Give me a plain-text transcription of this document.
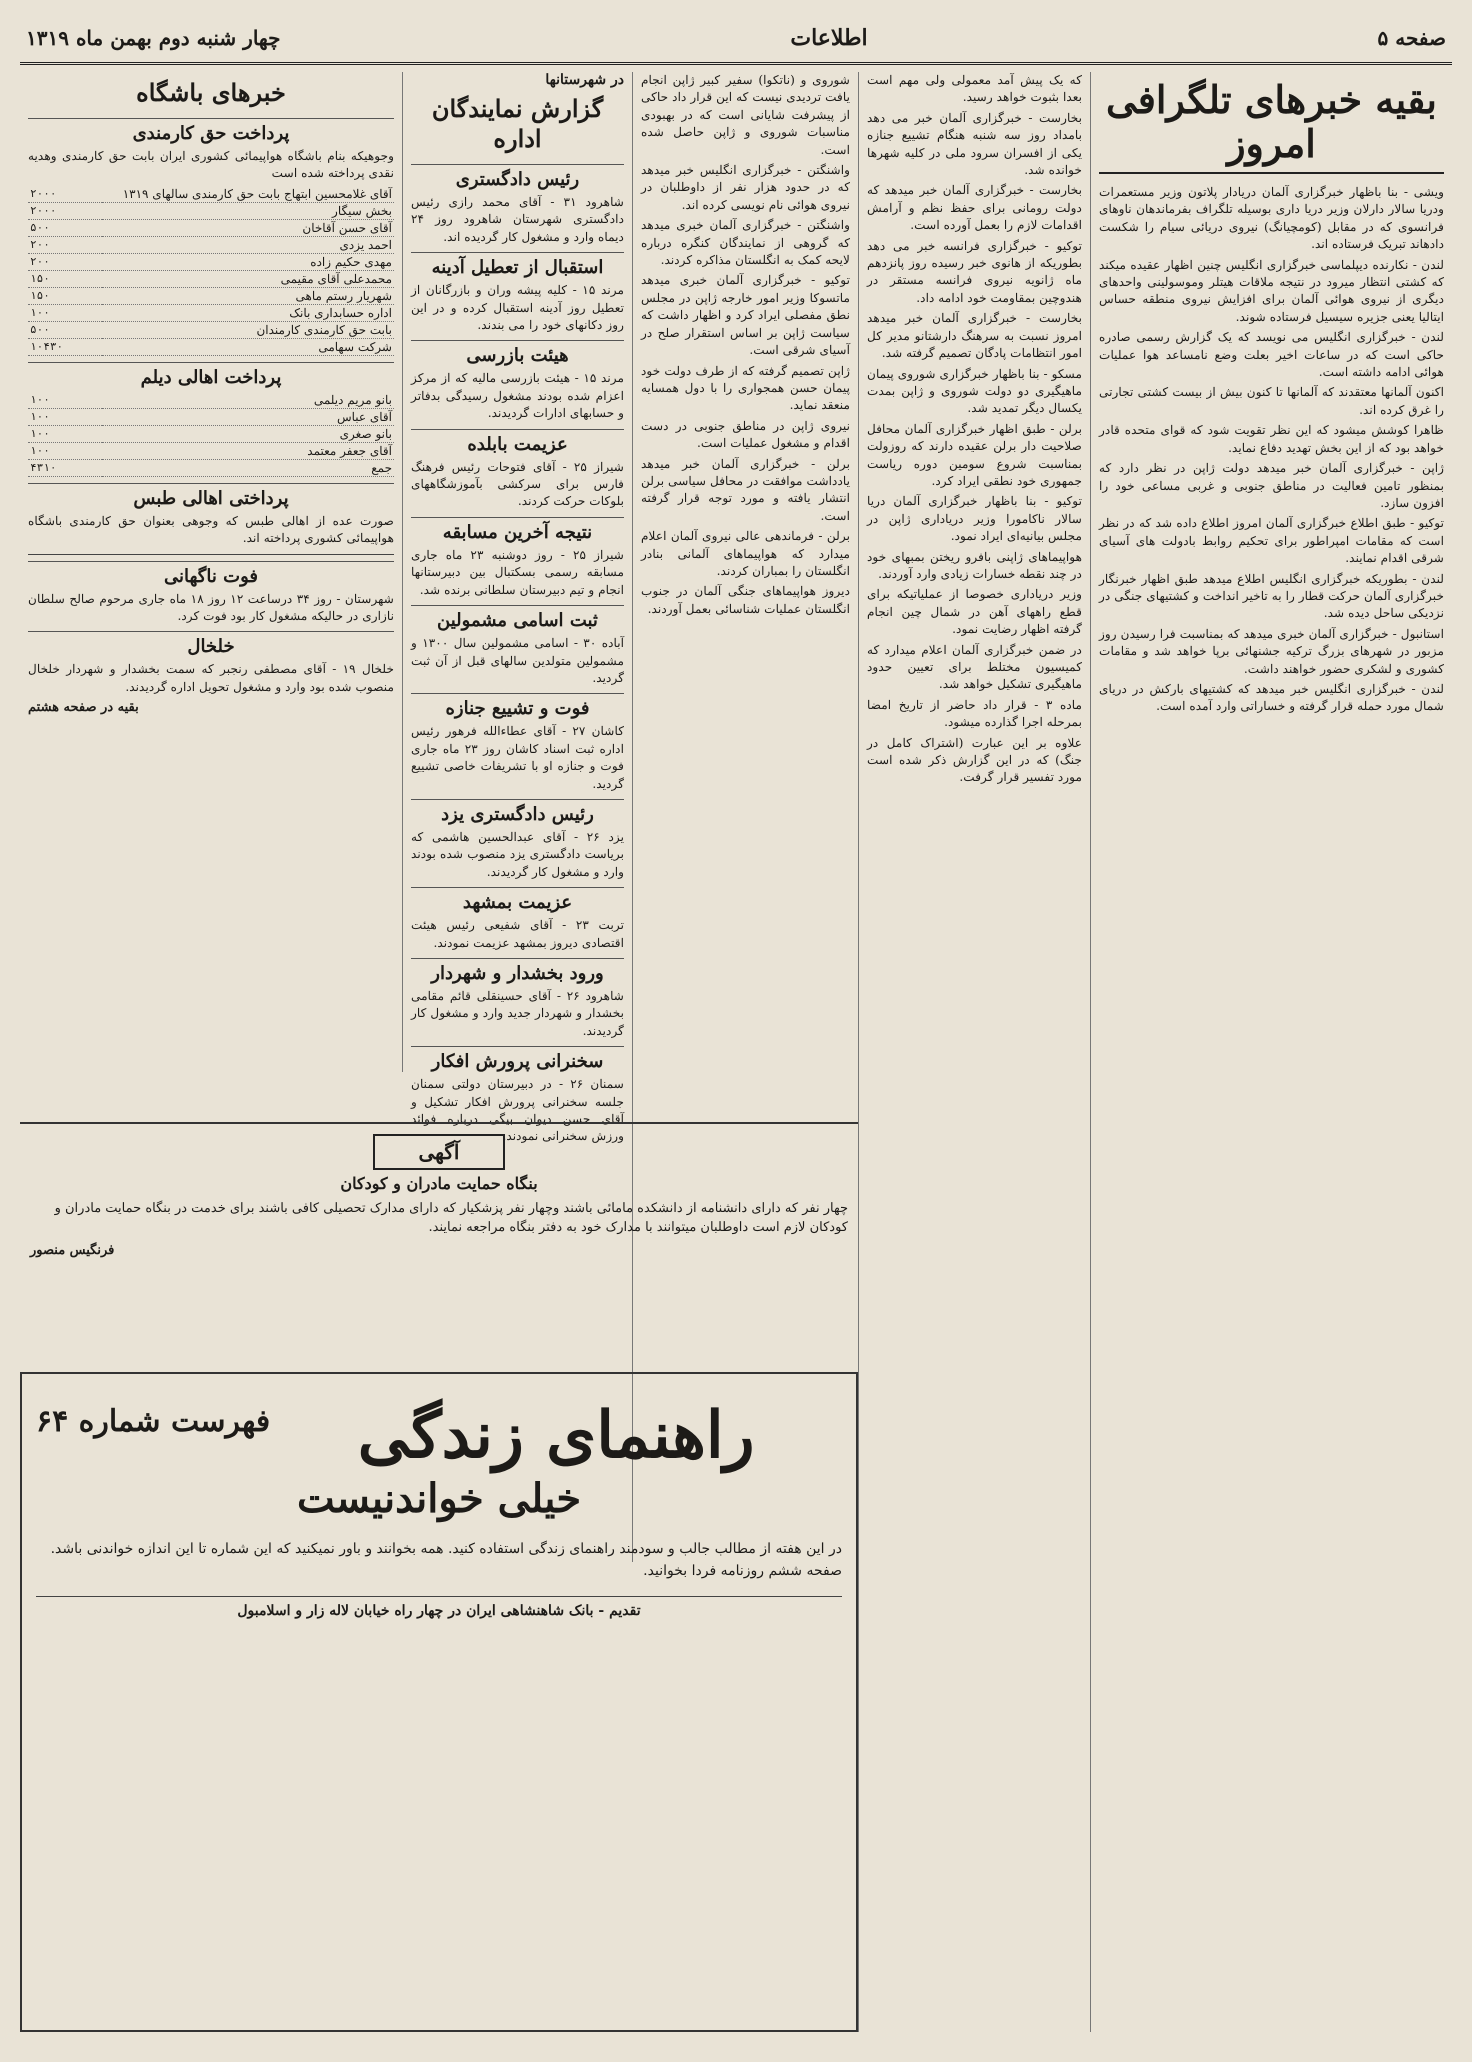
صفحه ۵
اطلاعات
چهار شنبه دوم بهمن ماه ۱۳۱۹
بقیه خبرهای تلگرافی امروز

ویشی - بنا باظهار خبرگزاری آلمان دریادار پلاتون وزیر مستعمرات ودریا سالار دارلان وزیر دریا داری بوسیله تلگراف بفرماندهان ناوهای فرانسوی که در مقابل (کومچیانگ) نیروی دریائی سیام را شکست دادهاند تبریک فرستاده اند.

لندن - نکارنده دیپلماسی خبرگزاری انگلیس چنین اظهار عقیده میکند که کشتی انتظار میرود در نتیجه ملاقات هیتلر وموسولینی واحدهای دیگری از نیروی هوائی آلمان برای افزایش نیروی منطقه حساس ایتالیا یعنی جزیره سیسیل فرستاده شوند.

لندن - خبرگزاری انگلیس می نویسد که یک گزارش رسمی صادره حاکی است که در ساعات اخیر بعلت وضع نامساعد هوا عملیات هوائی ادامه داشته است.

اکنون آلمانها معتقدند که آلمانها تا کنون بیش از بیست کشتی تجارتی را غرق کرده اند.

ظاهرا کوشش میشود که این نظر تقویت شود که قوای متحده قادر خواهد بود که از این بخش تهدید دفاع نماید.

ژاپن - خبرگزاری آلمان خبر میدهد دولت ژاپن در نظر دارد که بمنظور تامین فعالیت در مناطق جنوبی و غربی مساعی خود را افزون سازد.

توکیو - طبق اطلاع خبرگزاری آلمان امروز اطلاع داده شد که در نظر است که مقامات امپراطور برای تحکیم روابط بادولت های آسیای شرقی اقدام نمایند.

لندن - بطوریکه خبرگزاری انگلیس اطلاع میدهد طبق اظهار خبرنگار خبرگزاری آلمان حرکت قطار را به تاخیر انداخت و کشتیهای جنگی در نزدیکی ساحل دیده شد.

استانبول - خبرگزاری آلمان خبری میدهد که بمناسبت فرا رسیدن روز مزبور در شهرهای بزرگ ترکیه جشنهائی برپا خواهد شد و مقامات کشوری و لشکری حضور خواهند داشت.

لندن - خبرگزاری انگلیس خبر میدهد که کشتیهای بارکش در دریای شمال مورد حمله قرار گرفته و خساراتی وارد آمده است.

که یک پیش آمد معمولی ولی مهم است بعدا بثبوت خواهد رسید.

بخارست - خبرگزاری آلمان خبر می دهد بامداد روز سه شنبه هنگام تشییع جنازه یکی از افسران سرود ملی در کلیه شهرها خوانده شد.

بخارست - خبرگزاری آلمان خبر میدهد که دولت رومانی برای حفظ نظم و آرامش اقدامات لازم را بعمل آورده است.

توکیو - خبرگزاری فرانسه خبر می دهد بطوریکه از هانوی خبر رسیده روز پانزدهم ماه ژانویه نیروی فرانسه مستقر در هندوچین بمقاومت خود ادامه داد.

بخارست - خبرگزاری آلمان خبر میدهد امروز نسبت به سرهنگ دارشتانو مدیر کل امور انتظامات پادگان تصمیم گرفته شد.

مسکو - بنا باظهار خبرگزاری شوروی پیمان ماهیگیری دو دولت شوروی و ژاپن بمدت یکسال دیگر تمدید شد.

برلن - طبق اظهار خبرگزاری آلمان محافل صلاحیت دار برلن عقیده دارند که روزولت بمناسبت شروع سومین دوره ریاست جمهوری خود نطقی ایراد کرد.

توکیو - بنا باظهار خبرگزاری آلمان دریا سالار ناکامورا وزیر دریاداری ژاپن در مجلس بیانیه‌ای ایراد نمود.

هواپیماهای ژاپنی بافرو ریختن بمبهای خود در چند نقطه خسارات زیادی وارد آوردند.

وزیر دریاداری خصوصا از عملیاتیکه برای قطع راههای آهن در شمال چین انجام گرفته اظهار رضایت نمود.

در ضمن خبرگزاری آلمان اعلام میدارد که کمیسیون مختلط برای تعیین حدود ماهیگیری تشکیل خواهد شد.

ماده ۳ - قرار داد حاضر از تاریخ امضا بمرحله اجرا گذارده میشود.

علاوه بر این عبارت (اشتراک کامل در جنگ) که در این گزارش ذکر شده است مورد تفسیر قرار گرفت.

شوروی و (ناتکوا) سفیر کبیر ژاپن انجام یافت تردیدی نیست که این قرار داد حاکی از پیشرفت شایانی است که در بهبودی مناسبات شوروی و ژاپن حاصل شده است.

واشنگتن - خبرگزاری انگلیس خبر میدهد که در حدود هزار نفر از داوطلبان در نیروی هوائی نام نویسی کرده اند.

واشنگتن - خبرگزاری آلمان خبری میدهد که گروهی از نمایندگان کنگره درباره لایحه کمک به انگلستان مذاکره کردند.

توکیو - خبرگزاری آلمان خبری میدهد ماتسوکا وزیر امور خارجه ژاپن در مجلس نطق مفصلی ایراد کرد و اظهار داشت که سیاست ژاپن بر اساس استقرار صلح در آسیای شرقی است.

ژاپن تصمیم گرفته که از طرف دولت خود پیمان حسن همجواری را با دول همسایه منعقد نماید.

نیروی ژاپن در مناطق جنوبی در دست اقدام و مشغول عملیات است.

برلن - خبرگزاری آلمان خبر میدهد یادداشت موافقت در محافل سیاسی برلن انتشار یافته و مورد توجه قرار گرفته است.

برلن - فرماندهی عالی نیروی آلمان اعلام میدارد که هواپیماهای آلمانی بنادر انگلستان را بمباران کردند.

دیروز هواپیماهای جنگی آلمان در جنوب انگلستان عملیات شناسائی بعمل آوردند.

در شهرستانها
گزارش نمایندگان اداره
رئیس دادگستری

شاهرود ۳۱ - آقای محمد رازی رئیس دادگستری شهرستان شاهرود روز ۲۴ دیماه وارد و مشغول کار گردیده اند.

استقبال از تعطیل آدینه

مرند ۱۵ - کلیه پیشه وران و بازرگانان از تعطیل روز آدینه استقبال کرده و در این روز دکانهای خود را می بندند.

هیئت بازرسی

مرند ۱۵ - هیئت بازرسی مالیه که از مرکز اعزام شده بودند مشغول رسیدگی بدفاتر و حسابهای ادارات گردیدند.

عزیمت بابلده

شیراز ۲۵ - آقای فتوحات رئیس فرهنگ فارس برای سرکشی بآموزشگاههای بلوکات حرکت کردند.

نتیجه آخرین مسابقه

شیراز ۲۵ - روز دوشنبه ۲۳ ماه جاری مسابقه رسمی بسکتبال بین دبیرستانها انجام و تیم دبیرستان سلطانی برنده شد.

ثبت اسامی مشمولین

آباده ۳۰ - اسامی مشمولین سال ۱۳۰۰ و مشمولین متولدین سالهای قبل از آن ثبت گردید.

فوت و تشییع جنازه

کاشان ۲۷ - آقای عطاءالله فرهور رئیس اداره ثبت اسناد کاشان روز ۲۳ ماه جاری فوت و جنازه او با تشریفات خاصی تشییع گردید.

رئیس دادگستری یزد

یزد ۲۶ - آقای عبدالحسین هاشمی که بریاست دادگستری یزد منصوب شده بودند وارد و مشغول کار گردیدند.

عزیمت بمشهد

تربت ۲۳ - آقای شفیعی رئیس هیئت اقتصادی دیروز بمشهد عزیمت نمودند.

ورود بخشدار و شهردار

شاهرود ۲۶ - آقای حسینقلی قائم مقامی بخشدار و شهردار جدید وارد و مشغول کار گردیدند.

سخنرانی پرورش افکار

سمنان ۲۶ - در دبیرستان دولتی سمنان جلسه سخنرانی پرورش افکار تشکیل و آقای حسن دیوان بیگی درباره فوائد ورزش سخنرانی نمودند.

خبرهای باشگاه
پرداخت حق کارمندی

وجوهیکه بنام باشگاه هواپیمائی کشوری ایران بابت حق کارمندی وهدیه نقدی پرداخته شده است

آقای غلامحسین ابتهاج بابت حق کارمندی سالهای ۱۳۱۹	۲۰۰۰
بخش سیگار	۲۰۰۰
آقای حسن آقاخان	۵۰۰
احمد یزدی	۲۰۰
مهدی حکیم زاده	۲۰۰
محمدعلی آقای مقیمی	۱۵۰
شهریار رستم ماهی	۱۵۰
اداره حسابداری بانک	۱۰۰
بابت حق کارمندی کارمندان	۵۰۰
شرکت سهامی	۱۰۴۳۰
پرداخت اهالی دیلم
بانو مریم دیلمی	۱۰۰
آقای عباس	۱۰۰
بانو صغری	۱۰۰
آقای جعفر معتمد	۱۰۰
جمع	۴۳۱۰
پرداختی اهالی طبس

صورت عده از اهالی طبس که وجوهی بعنوان حق کارمندی باشگاه هواپیمائی کشوری پرداخته اند.

فوت ناگهانی

شهرستان - روز ۳۴ درساعت ۱۲ روز ۱۸ ماه جاری مرحوم صالح سلطان نازاری در حالیکه مشغول کار بود فوت کرد.

خلخال

خلخال ۱۹ - آقای مصطفی رنجبر که سمت بخشدار و شهردار خلخال منصوب شده بود وارد و مشغول تحویل اداره گردیدند.

بقیه در صفحه هشتم
آگهی
بنگاه حمایت مادران و کودکان

چهار نفر که دارای دانشنامه از دانشکده مامائی باشند وچهار نفر پزشکیار که دارای مدارک تحصیلی کافی باشند برای خدمت در بنگاه حمایت مادران و کودکان لازم است داوطلبان میتوانند با مدارک خود به دفتر بنگاه مراجعه نمایند.

فرنگیس منصور
فهرست شماره ۶۴	راهنمای زندگی
خیلی خواندنیست

در این هفته از مطالب جالب و سودمند راهنمای زندگی استفاده کنید. همه بخوانند و باور نمیکنید که این شماره تا این اندازه خواندنی باشد. صفحه ششم روزنامه فردا بخوانید.

تقدیم - بانک شاهنشاهی ایران در چهار راه خیابان لاله زار و اسلامبول
